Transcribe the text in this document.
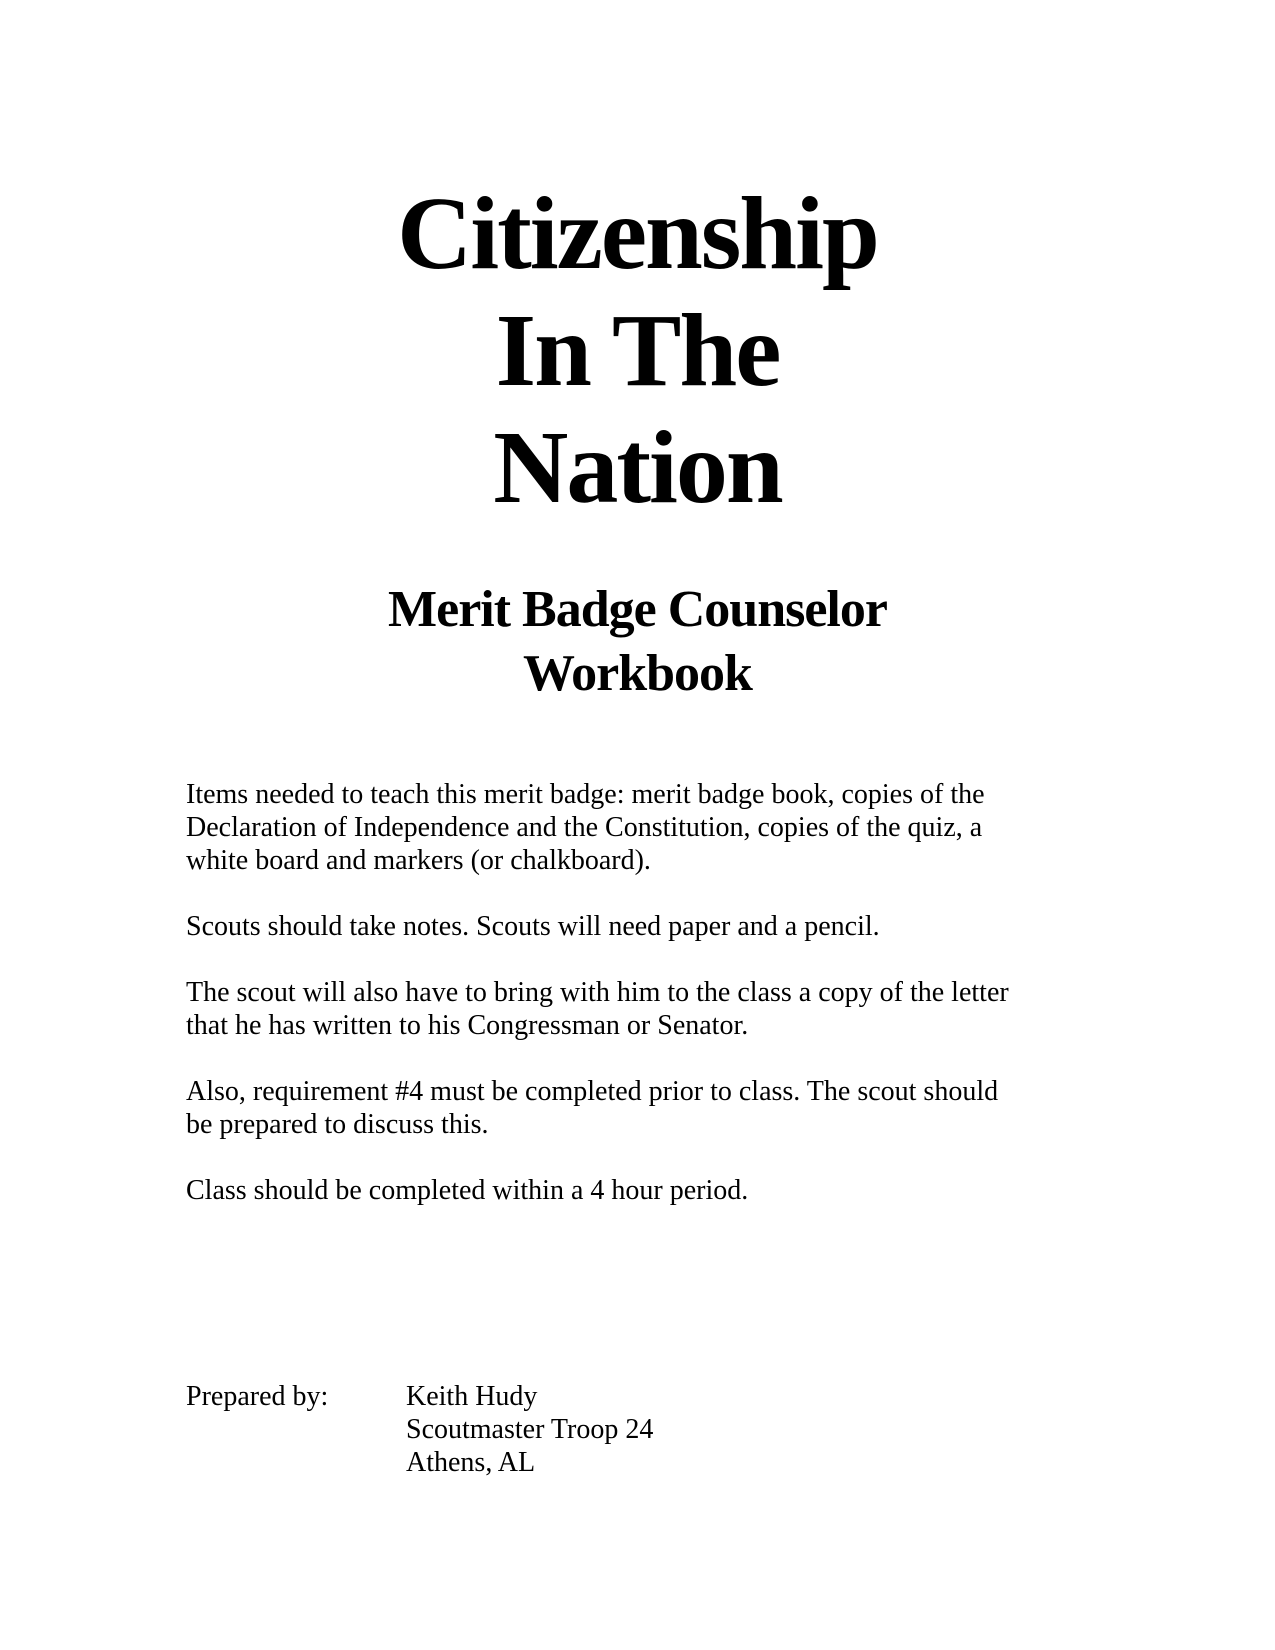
Citizenship
In The
Nation
Merit Badge Counselor
Workbook

Items needed to teach this merit badge: merit badge book, copies of the
Declaration of Independence and the Constitution, copies of the quiz, a
white board and markers (or chalkboard).

Scouts should take notes. Scouts will need paper and a pencil.

The scout will also have to bring with him to the class a copy of the letter
that he has written to his Congressman or Senator.

Also, requirement #4 must be completed prior to class. The scout should
be prepared to discuss this.

Class should be completed within a 4 hour period.

Prepared by:	Keith Hudy
Scoutmaster Troop 24
Athens, AL
